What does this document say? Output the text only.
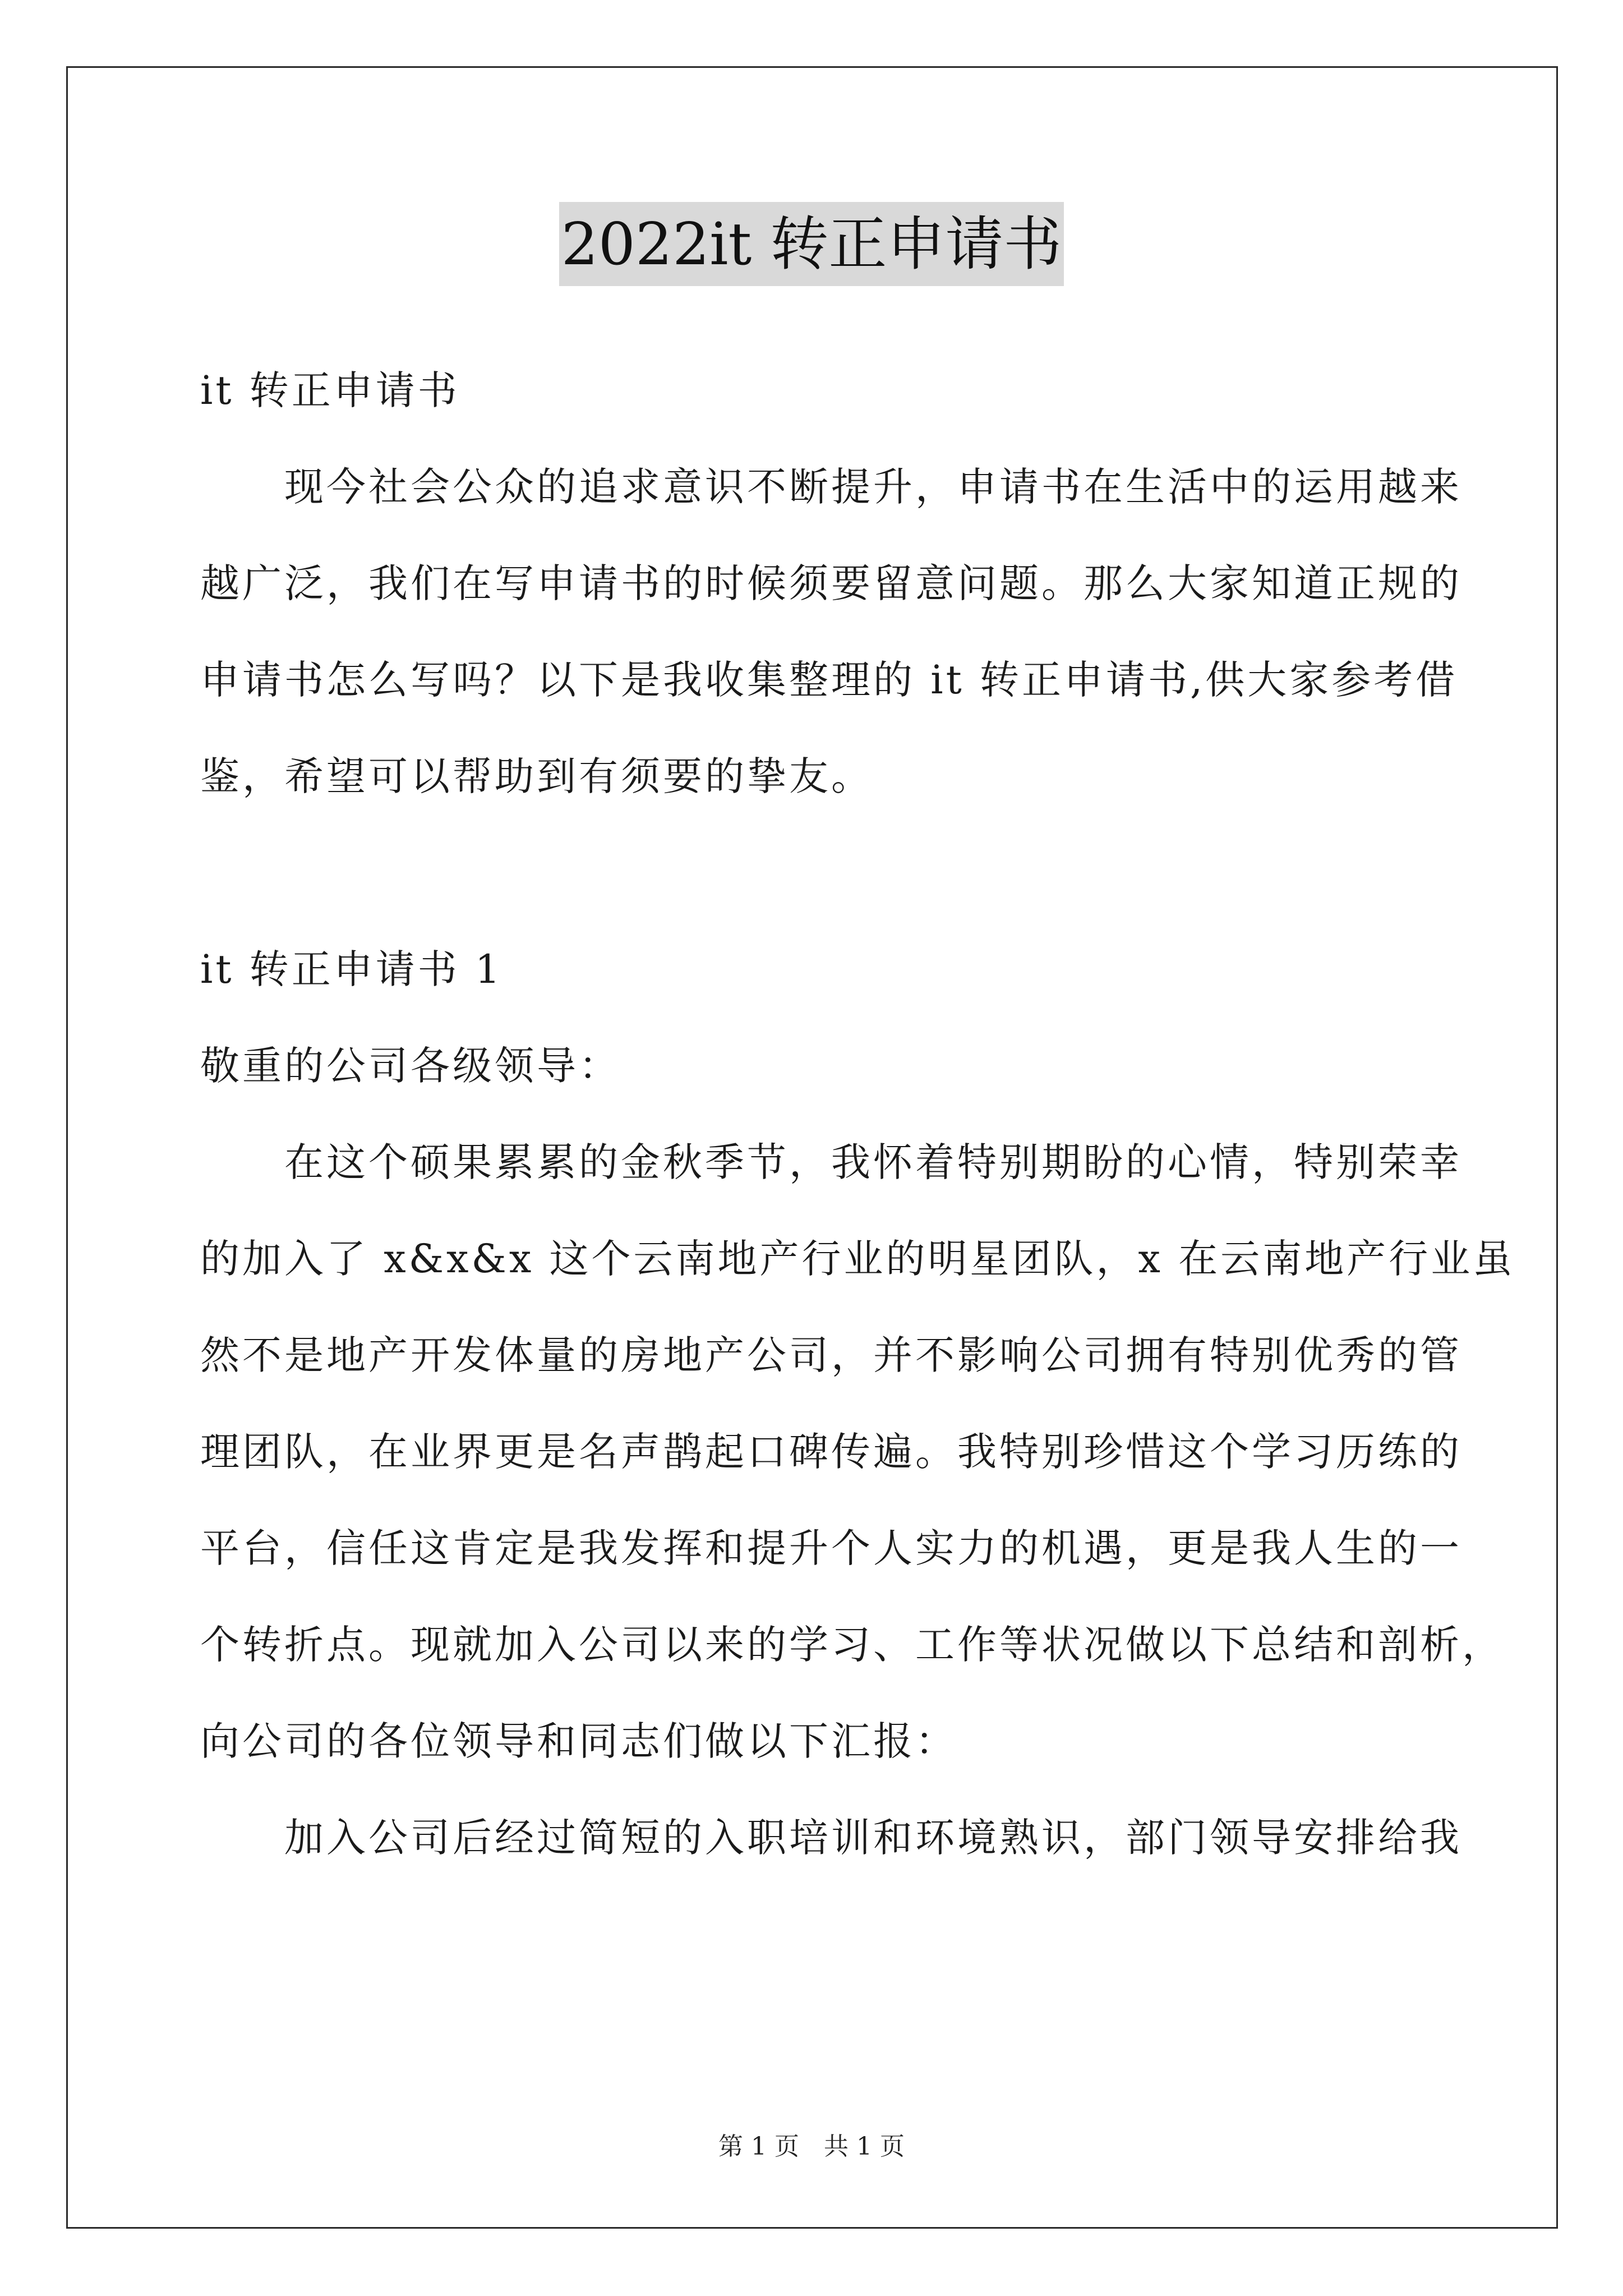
2022it 转正申请书
it 转正申请书
　　现今社会公众的追求意识不断提升，申请书在生活中的运用越来
越广泛，我们在写申请书的时候须要留意问题。那么大家知道正规的
申请书怎么写吗？以下是我收集整理的 it 转正申请书,供大家参考借
鉴，希望可以帮助到有须要的挚友。
it 转正申请书 1
敬重的公司各级领导：
　　在这个硕果累累的金秋季节，我怀着特别期盼的心情，特别荣幸
的加入了 x&x&x 这个云南地产行业的明星团队，x 在云南地产行业虽
然不是地产开发体量的房地产公司，并不影响公司拥有特别优秀的管
理团队，在业界更是名声鹊起口碑传遍。我特别珍惜这个学习历练的
平台，信任这肯定是我发挥和提升个人实力的机遇，更是我人生的一
个转折点。现就加入公司以来的学习、工作等状况做以下总结和剖析，
向公司的各位领导和同志们做以下汇报：
　　加入公司后经过简短的入职培训和环境熟识，部门领导安排给我
第 1 页　共 1 页
